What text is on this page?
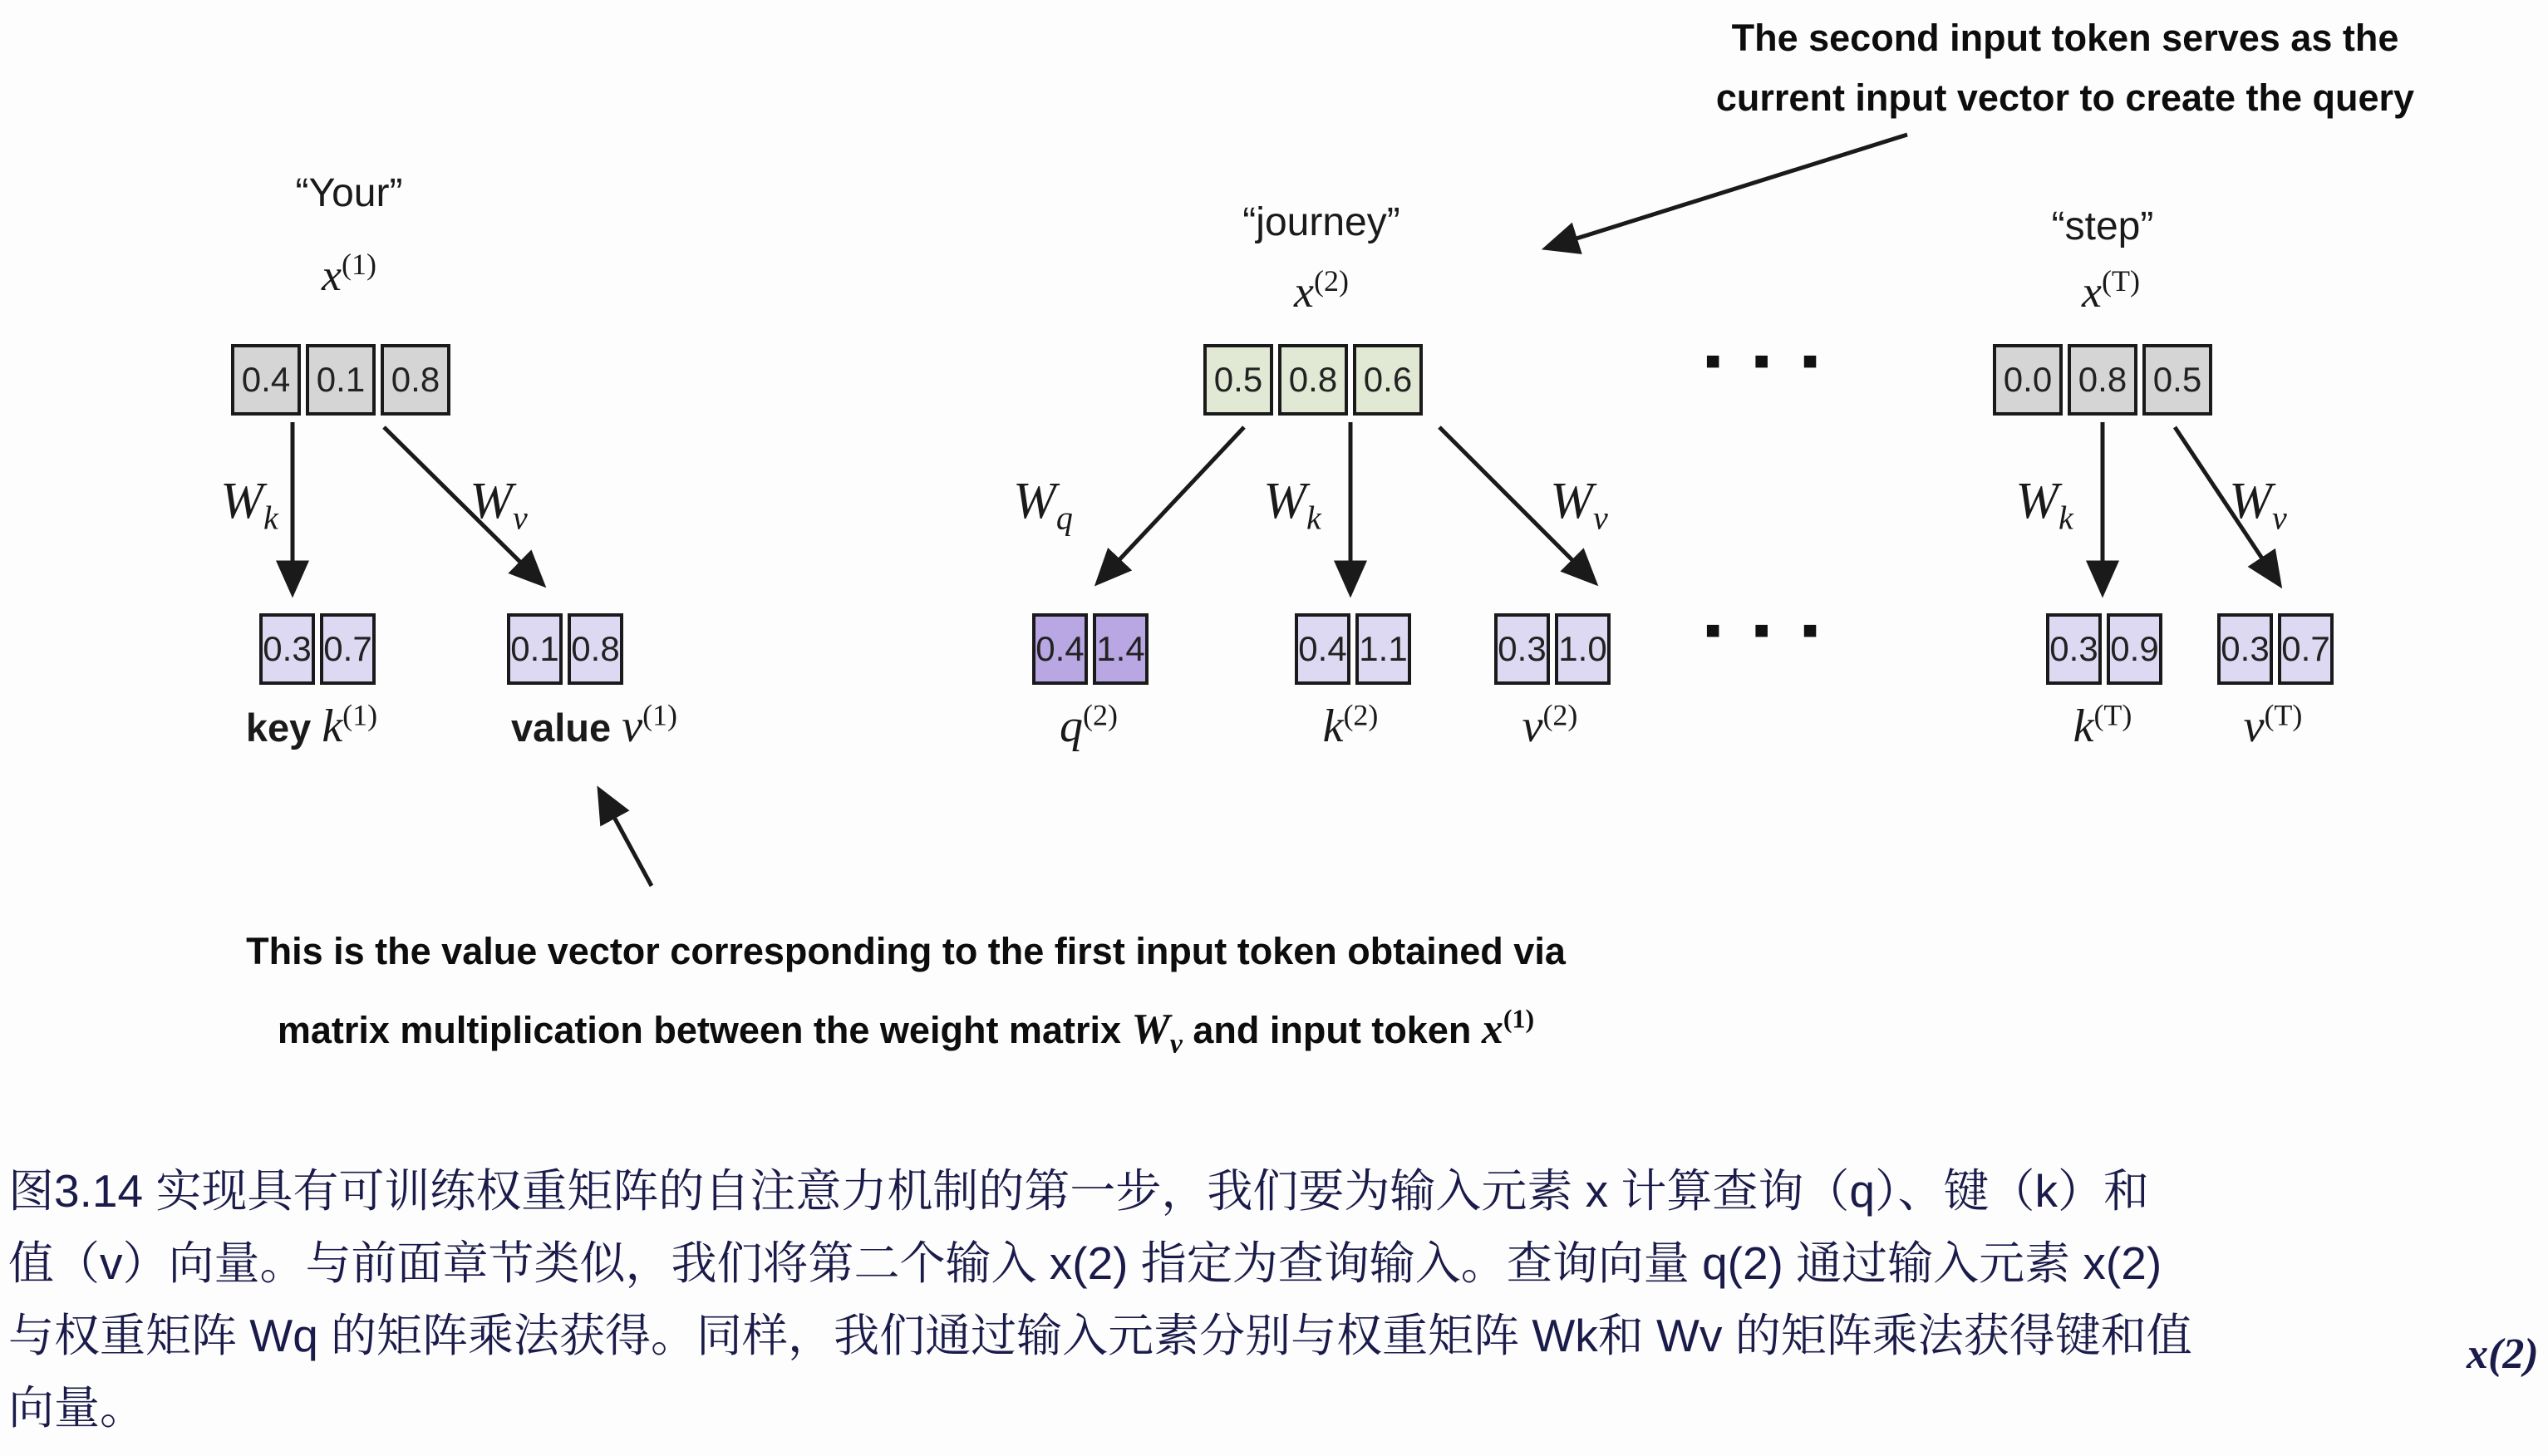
The second input token serves as the
current input vector to create the query
“Your”
$x^{(1)}$
0.4 0.1 0.8
$W_k$	$W_v$
0.3 0.7	0.1 0.8
key $k^{(1)}$	value $v^{(1)}$
“journey”
$x^{(2)}$
0.5 0.8 0.6
$W_q$	$W_k$	$W_v$
0.4 1.4	0.4 1.1	0.3 1.0
$q^{(2)}$	$k^{(2)}$	$v^{(2)}$
■ ■ ■
■ ■ ■
“step”
$x^{(T)}$
0.0 0.8 0.5
$W_k$	$W_v$
0.3 0.9 0.3 0.7
$k^{(T)}$	$v^{(T)}$
This is the value vector corresponding to the first input token obtained via
matrix multiplication between the weight matrix $W_v$ and input token $x^{(1)}$
图3.14 实现具有可训练权重矩阵的自注意力机制的第一步，我们要为输入元素 x 计算查询（q）、键（k）和
值（v）向量。与前面章节类似，我们将第二个输入 x(2) 指定为查询输入。查询向量 q(2) 通过输入元素 x(2)
与权重矩阵 Wq 的矩阵乘法获得。同样，我们通过输入元素分别与权重矩阵 Wk和 Wv 的矩阵乘法获得键和值
向量。
x(2)
